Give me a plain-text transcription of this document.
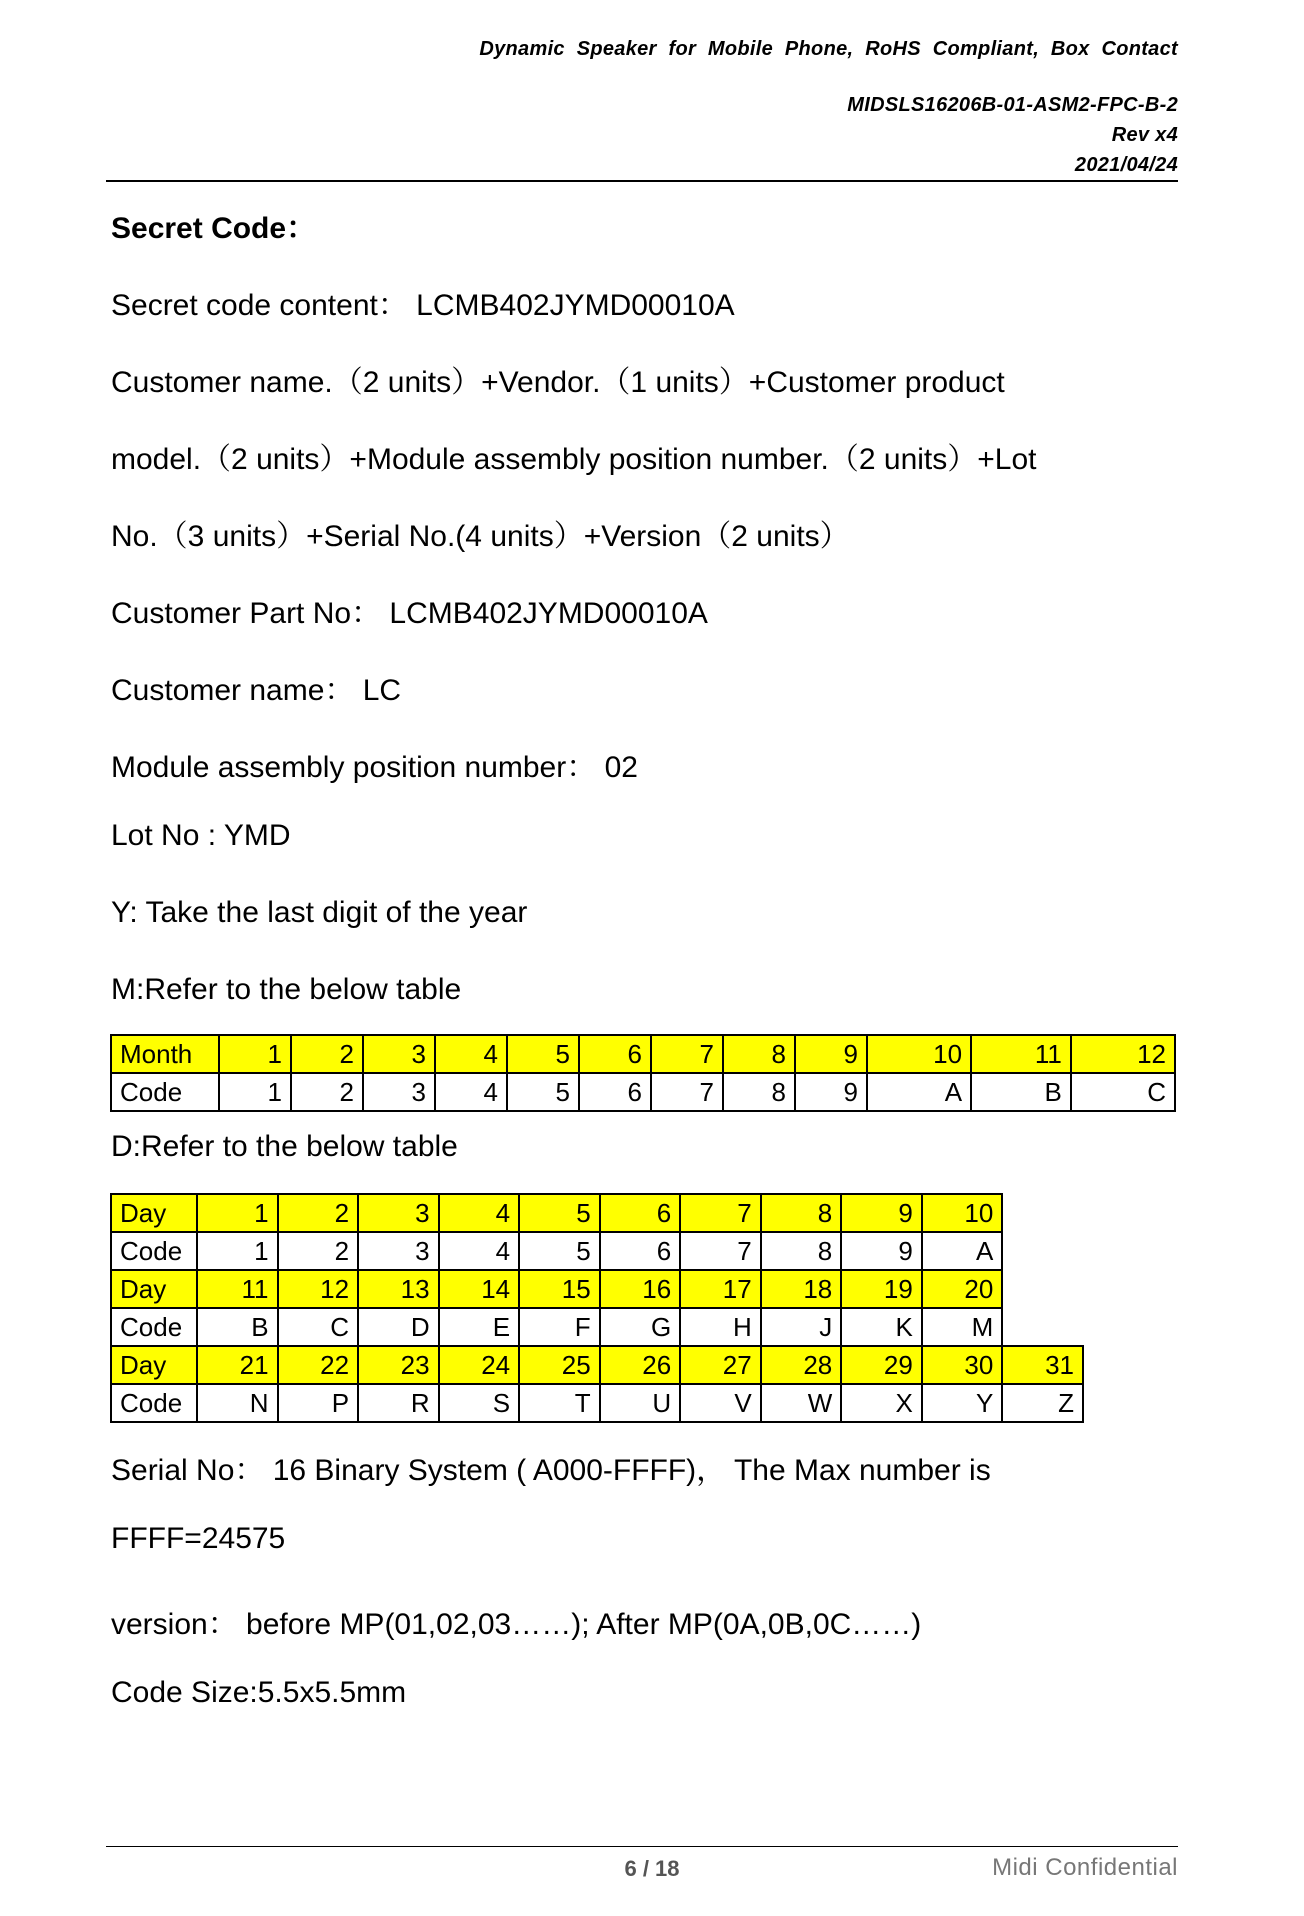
Dynamic Speaker for Mobile Phone, RoHS Compliant, Box Contact
MIDSLS16206B-01-ASM2-FPC-B-2
Rev x4
2021/04/24
Secret Code：
Secret code content： LCMB402JYMD00010A
Customer name.（2 units）+Vendor.（1 units）+Customer product
model.（2 units）+Module assembly position number.（2 units）+Lot
No.（3 units）+Serial No.(4 units）+Version（2 units）
Customer Part No： LCMB402JYMD00010A
Customer name： LC
Module assembly position number： 02
Lot No : YMD
Y: Take the last digit of the year
M:Refer to the below table
Month	1	2	3	4	5	6	7	8	9	10	11	12
Code	1	2	3	4	5	6	7	8	9	A	B	C
D:Refer to the below table
Day	1	2	3	4	5	6	7	8	9	10	
Code	1	2	3	4	5	6	7	8	9	A	
Day	11	12	13	14	15	16	17	18	19	20	
Code	B	C	D	E	F	G	H	J	K	M	
Day	21	22	23	24	25	26	27	28	29	30	31
Code	N	P	R	S	T	U	V	W	X	Y	Z
Serial No： 16 Binary System ( A000-FFFF)， The Max number is
FFFF=24575
version： before MP(01,02,03……); After MP(0A,0B,0C……)
Code Size:5.5x5.5mm
6 / 18	Midi Confidential
